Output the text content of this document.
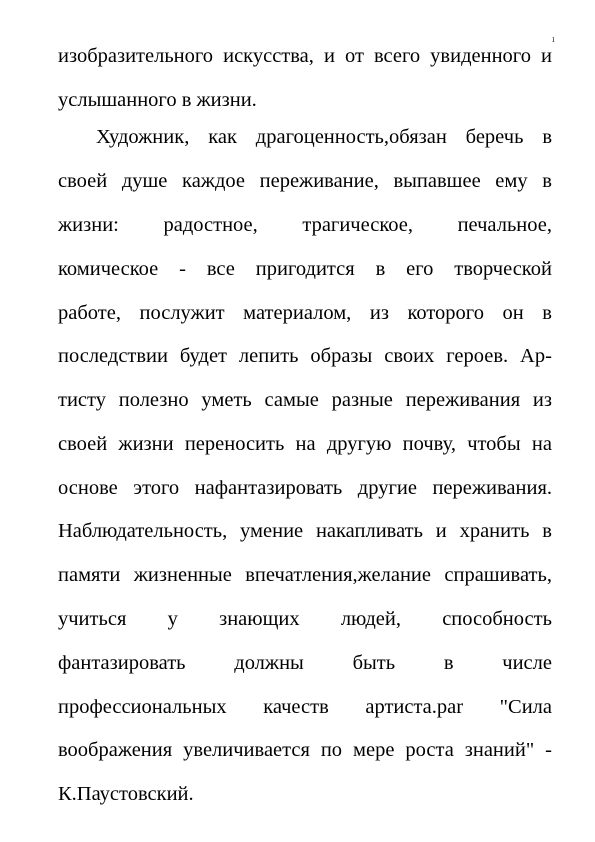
1
изобразительного искусства, и от всего увиденного и
услышанного в жизни.
Художник, как драгоценность,обязан беречь в
своей душе каждое переживание, выпавшее ему в
жизни: радостное, трагическое, печальное,
комическое - все пригодится в его творческой
работе, послужит материалом, из которого он в
последствии будет лепить образы своих героев. Ар-
тисту полезно уметь самые разные переживания из
своей жизни переносить на другую почву, чтобы на
основе этого нафантазировать другие переживания.
Наблюдательность, умение накапливать и хранить в
памяти жизненные впечатления,желание спрашивать,
учиться у знающих людей, способность
фантазировать должны быть в числе
профессиональных качеств артиста.par "Сила
воображения увеличивается по мере роста знаний" -
К.Паустовский.
